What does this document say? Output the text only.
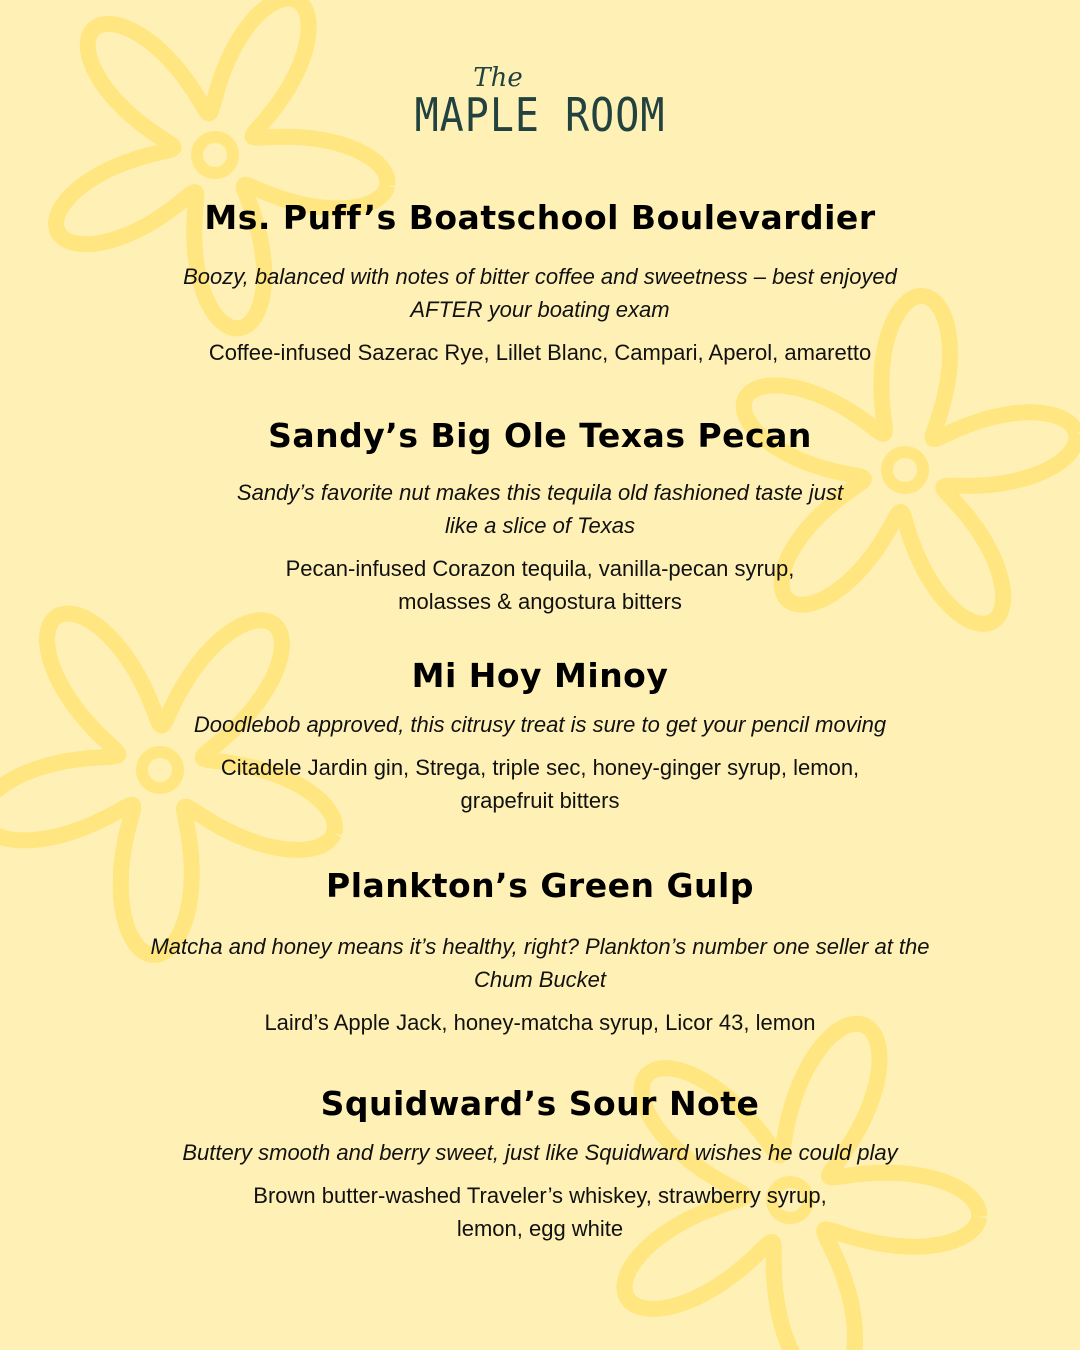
The
MAPLE ROOM
Ms. Puff’s Boatschool Boulevardier

Boozy, balanced with notes of bitter coffee and sweetness – best enjoyed AFTER your boating exam

Coffee-infused Sazerac Rye, Lillet Blanc, Campari, Aperol, amaretto

Sandy’s Big Ole Texas Pecan

Sandy’s favorite nut makes this tequila old fashioned taste just like a slice of Texas

Pecan-infused Corazon tequila, vanilla-pecan syrup, molasses & angostura bitters

Mi Hoy Minoy

Doodlebob approved, this citrusy treat is sure to get your pencil moving

Citadele Jardin gin, Strega, triple sec, honey-ginger syrup, lemon, grapefruit bitters

Plankton’s Green Gulp

Matcha and honey means it’s healthy, right? Plankton’s number one seller at the Chum Bucket

Laird’s Apple Jack, honey-matcha syrup, Licor 43, lemon

Squidward’s Sour Note

Buttery smooth and berry sweet, just like Squidward wishes he could play

Brown butter-washed Traveler’s whiskey, strawberry syrup, lemon, egg white
